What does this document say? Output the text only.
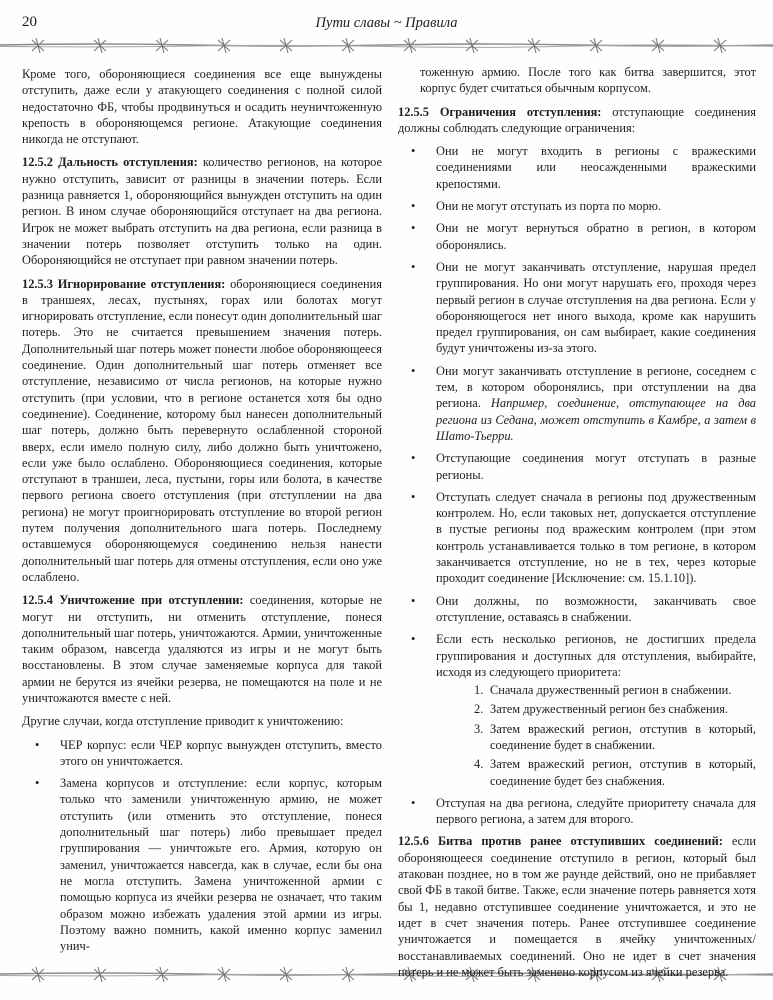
20	Пути славы ~ Правила

Кроме того, обороняющиеся соединения все еще вынуждены отступить, даже если у атакующего соединения с полной силой недостаточно ФБ, чтобы продвинуться и осадить неуничтоженную крепость в обороняющемся регионе. Атакующие соединения никогда не отступают.

12.5.2 Дальность отступления: количество регионов, на которое нужно отступить, зависит от разницы в значении потерь. Если разница равняется 1, обороняющийся вынужден отступить на один регион. В ином случае обороняющийся отступает на два региона. Игрок не может выбрать отступить на два региона, если разница в значении потерь позволяет отступить только на один. Обороняющийся не отступает при равном значении потерь.

12.5.3 Игнорирование отступления: обороняющиеся соединения в траншеях, лесах, пустынях, горах или болотах могут игнорировать отступление, если понесут один дополнительный шаг потерь. Это не считается превышением значения потерь. Дополнительный шаг потерь может понести любое обороняющееся соединение. Один дополнительный шаг потерь отменяет все отступление, независимо от числа регионов, на которые нужно отступить (при условии, что в регионе останется хотя бы одно соединение). Соединение, которому был нанесен дополнительный шаг потерь, должно быть перевернуто ослабленной стороной вверх, если имело полную силу, либо должно быть уничтожено, если уже было ослаблено. Обороняющиеся соединения, которые отступают в траншеи, леса, пустыни, горы или болота, в качестве первого региона своего отступления (при отступлении на два региона) не могут проигнорировать отступление во второй регион путем получения дополнительного шага потерь. Последнему оставшемуся обороняющемуся соединению нельзя нанести дополнительный шаг потерь для отмены отступления, если оно уже ослаблено.

12.5.4 Уничтожение при отступлении: соединения, которые не могут ни отступить, ни отменить отступление, понеся дополнительный шаг потерь, уничтожаются. Армии, уничтоженные таким образом, навсегда удаляются из игры и не могут быть восстановлены. В этом случае заменяемые корпуса для такой армии не берутся из ячейки резерва, не помещаются на поле и не уничтожаются вместе с ней.

Другие случаи, когда отступление приводит к уничтожению:

• ЧЕР корпус: если ЧЕР корпус вынужден отступить, вместо этого он уничтожается.
• Замена корпусов и отступление: если корпус, которым только что заменили уничтоженную армию, не может отступить (или отменить это отступление, понеся дополнительный шаг потерь) либо превышает предел группирования — уничтожьте его. Армия, которую он заменил, уничтожается навсегда, как в случае, если бы она не могла отступить. Замена уничтоженной армии с помощью корпуса из ячейки резерва не означает, что таким образом можно избежать удаления этой армии из игры. Поэтому важно помнить, какой именно корпус заменил унич-

тоженную армию. После того как битва завершится, этот корпус будет считаться обычным корпусом.

12.5.5 Ограничения отступления: отступающие соединения должны соблюдать следующие ограничения:

• Они не могут входить в регионы с вражескими соединениями или неосажденными вражескими крепостями.
• Они не могут отступать из порта по морю.
• Они не могут вернуться обратно в регион, в котором оборонялись.
• Они не могут заканчивать отступление, нарушая предел группирования. Но они могут нарушать его, проходя через первый регион в случае отступления на два региона. Если у обороняющегося нет иного выхода, кроме как нарушить предел группирования, он сам выбирает, какие соединения будут уничтожены из-за этого.
• Они могут заканчивать отступление в регионе, соседнем с тем, в котором оборонялись, при отступлении на два региона. Например, соединение, отступающее на два региона из Седана, может отступить в Камбре, а затем в Шато-Тьерри.
• Отступающие соединения могут отступать в разные регионы.
• Отступать следует сначала в регионы под дружественным контролем. Но, если таковых нет, допускается отступление в пустые регионы под вражеским контролем (при этом контроль устанавливается только в том регионе, в котором заканчивается отступление, но не в тех, через которые проходит соединение [Исключение: см. 15.1.10]).
• Они должны, по возможности, заканчивать свое отступление, оставаясь в снабжении.
• Если есть несколько регионов, не достигших предела группирования и доступных для отступления, выбирайте, исходя из следующего приоритета:
1. Сначала дружественный регион в снабжении.
2. Затем дружественный регион без снабжения.
3. Затем вражеский регион, отступив в который, соединение будет в снабжении.
4. Затем вражеский регион, отступив в который, соединение будет без снабжения.
• Отступая на два региона, следуйте приоритету сначала для первого региона, а затем для второго.

12.5.6 Битва против ранее отступивших соединений: если обороняющееся соединение отступило в регион, который был атакован позднее, но в том же раунде действий, оно не прибавляет свой ФБ в такой битве. Также, если значение потерь равняется хотя бы 1, недавно отступившее соединение уничтожается, и это не идет в счет значения потерь. Ранее отступившее соединение уничтожается и помещается в ячейку уничтоженных/восстанавливаемых соединений. Оно не идет в счет значения потерь и не может быть заменено корпусом из ячейки резерва.
